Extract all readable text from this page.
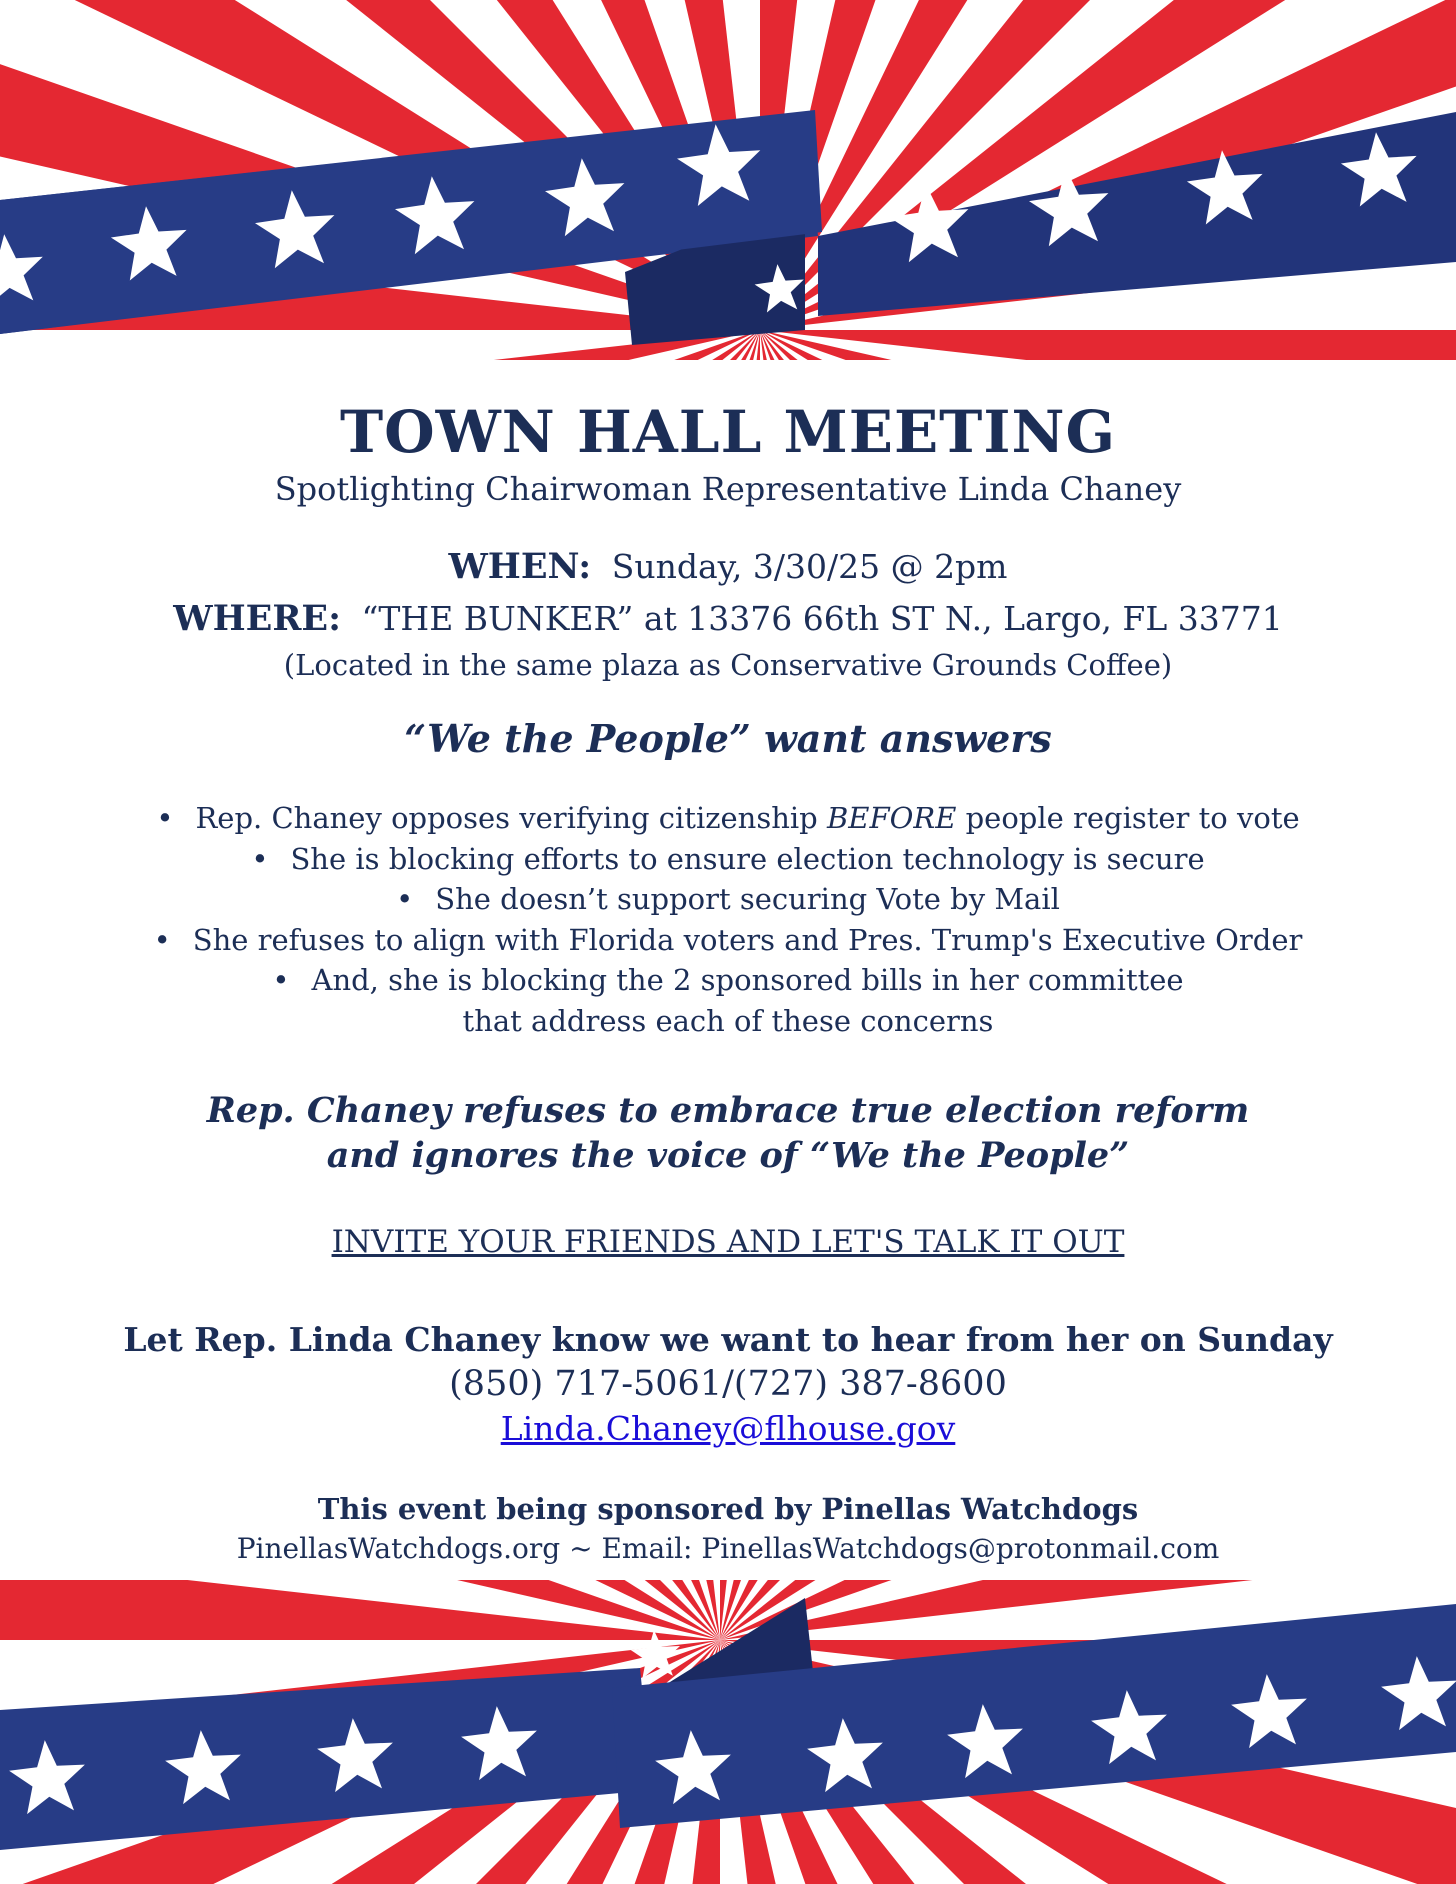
TOWN HALL MEETING
Spotlighting Chairwoman Representative Linda Chaney
WHEN: Sunday, 3/30/25 @ 2pm
WHERE: “THE BUNKER” at 13376 66th ST N., Largo, FL 33771
(Located in the same plaza as Conservative Grounds Coffee)
“We the People” want answers
• Rep. Chaney opposes verifying citizenship BEFORE people register to vote
• She is blocking efforts to ensure election technology is secure
• She doesn’t support securing Vote by Mail
• She refuses to align with Florida voters and Pres. Trump's Executive Order
• And, she is blocking the 2 sponsored bills in her committee
that address each of these concerns
Rep. Chaney refuses to embrace true election reform
and ignores the voice of “We the People”
INVITE YOUR FRIENDS AND LET'S TALK IT OUT
Let Rep. Linda Chaney know we want to hear from her on Sunday
(850) 717-5061/(727) 387-8600
Linda.Chaney@flhouse.gov
This event being sponsored by Pinellas Watchdogs
PinellasWatchdogs.org ~ Email: PinellasWatchdogs@protonmail.com
